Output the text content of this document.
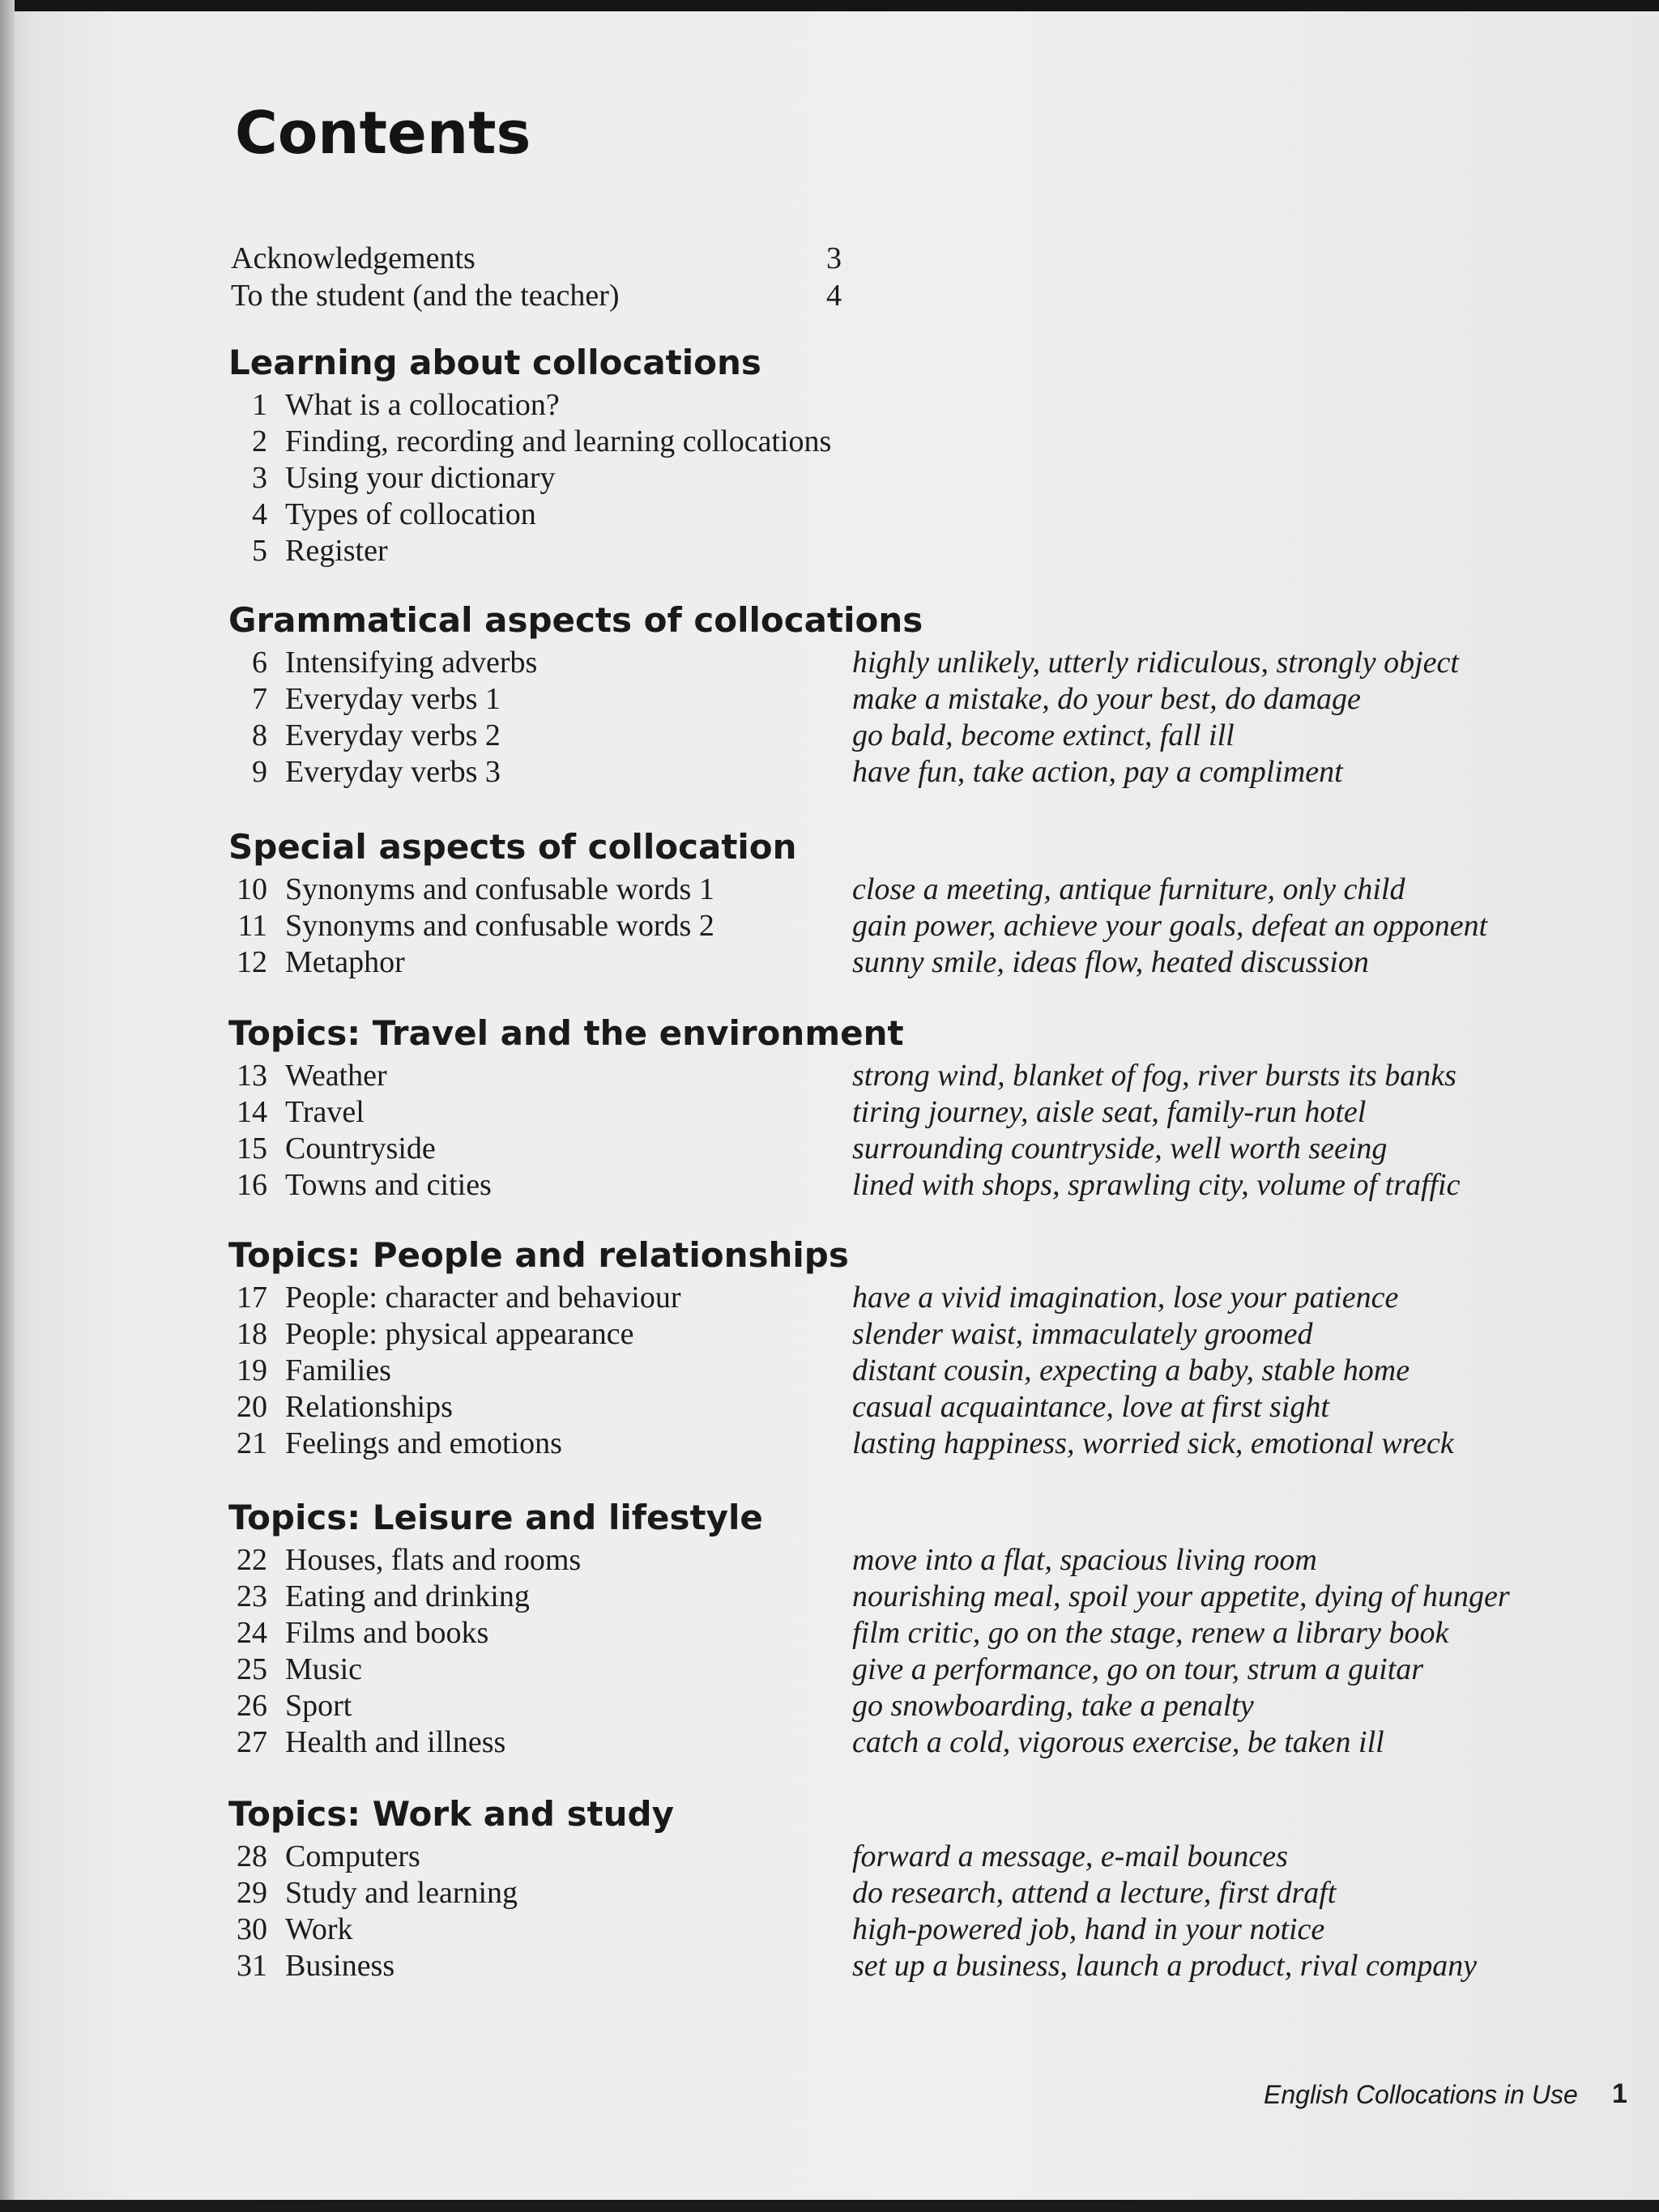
Contents
Acknowledgements	3
To the student (and the teacher)	4
Learning about collocations
1 What is a collocation?
2 Finding, recording and learning collocations
3 Using your dictionary
4 Types of collocation
5 Register
Grammatical aspects of collocations
6 Intensifying adverbs	highly unlikely, utterly ridiculous, strongly object
7 Everyday verbs 1	make a mistake, do your best, do damage
8 Everyday verbs 2	go bald, become extinct, fall ill
9 Everyday verbs 3	have fun, take action, pay a compliment
Special aspects of collocation
10 Synonyms and confusable words 1	close a meeting, antique furniture, only child
11 Synonyms and confusable words 2	gain power, achieve your goals, defeat an opponent
12 Metaphor	sunny smile, ideas flow, heated discussion
Topics: Travel and the environment
13 Weather	strong wind, blanket of fog, river bursts its banks
14 Travel	tiring journey, aisle seat, family-run hotel
15 Countryside	surrounding countryside, well worth seeing
16 Towns and cities	lined with shops, sprawling city, volume of traffic
Topics: People and relationships
17 People: character and behaviour	have a vivid imagination, lose your patience
18 People: physical appearance	slender waist, immaculately groomed
19 Families	distant cousin, expecting a baby, stable home
20 Relationships	casual acquaintance, love at first sight
21 Feelings and emotions	lasting happiness, worried sick, emotional wreck
Topics: Leisure and lifestyle
22 Houses, flats and rooms	move into a flat, spacious living room
23 Eating and drinking	nourishing meal, spoil your appetite, dying of hunger
24 Films and books	film critic, go on the stage, renew a library book
25 Music	give a performance, go on tour, strum a guitar
26 Sport	go snowboarding, take a penalty
27 Health and illness	catch a cold, vigorous exercise, be taken ill
Topics: Work and study
28 Computers	forward a message, e-mail bounces
29 Study and learning	do research, attend a lecture, first draft
30 Work	high-powered job, hand in your notice
31 Business	set up a business, launch a product, rival company
English Collocations in Use 1
